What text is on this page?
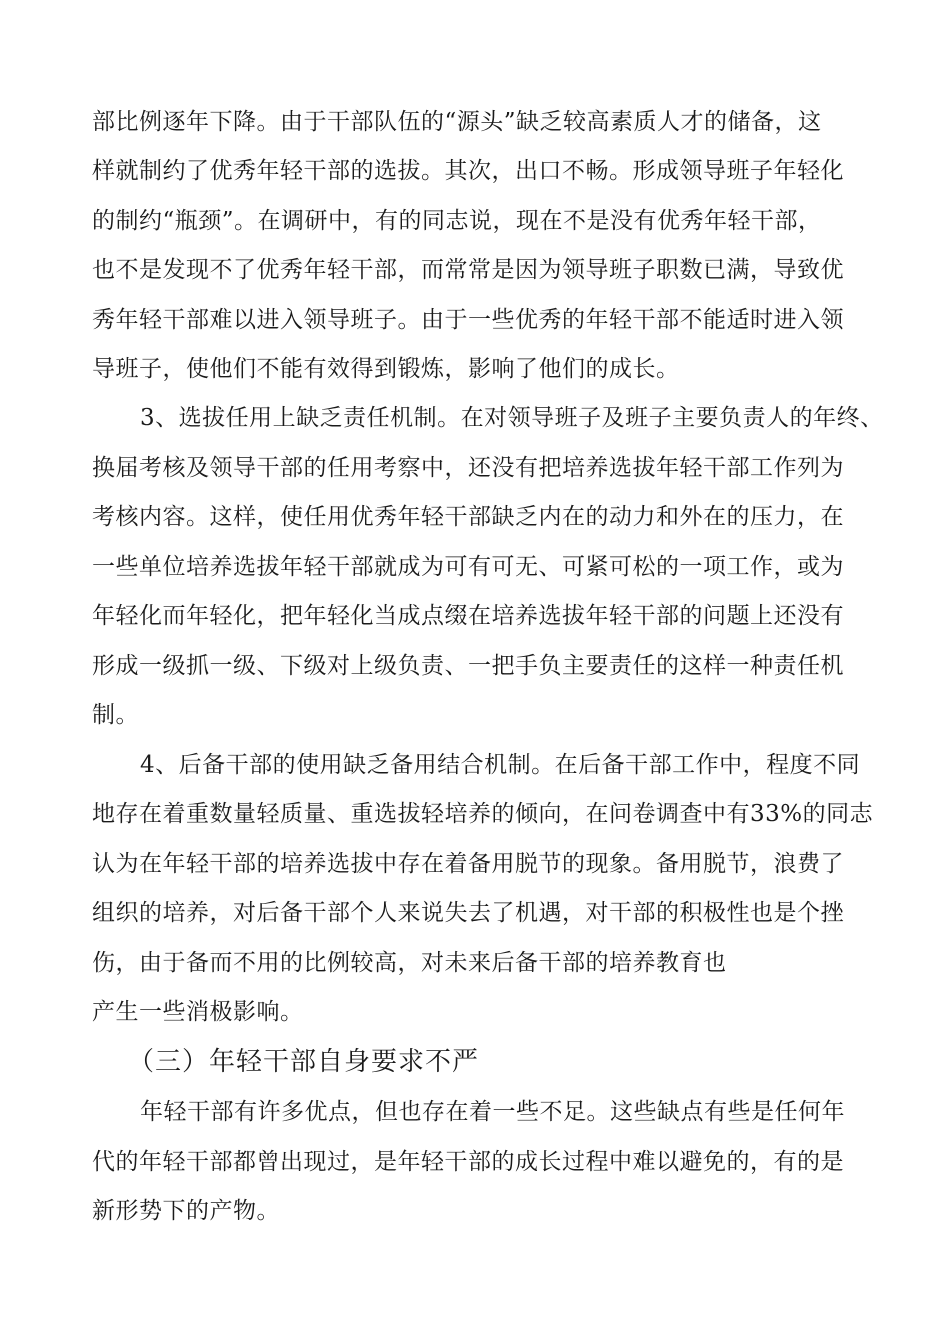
部比例逐年下降。由于干部队伍的“源头”缺乏较高素质人才的储备，这
样就制约了优秀年轻干部的选拔。其次，出口不畅。形成领导班子年轻化
的制约“瓶颈”。在调研中，有的同志说，现在不是没有优秀年轻干部，
也不是发现不了优秀年轻干部，而常常是因为领导班子职数已满，导致优
秀年轻干部难以进入领导班子。由于一些优秀的年轻干部不能适时进入领
导班子，使他们不能有效得到锻炼，影响了他们的成长。
3、选拔任用上缺乏责任机制。在对领导班子及班子主要负责人的年终、
换届考核及领导干部的任用考察中，还没有把培养选拔年轻干部工作列为
考核内容。这样，使任用优秀年轻干部缺乏内在的动力和外在的压力，在
一些单位培养选拔年轻干部就成为可有可无、可紧可松的一项工作，或为
年轻化而年轻化，把年轻化当成点缀在培养选拔年轻干部的问题上还没有
形成一级抓一级、下级对上级负责、一把手负主要责任的这样一种责任机
制。
4、后备干部的使用缺乏备用结合机制。在后备干部工作中，程度不同
地存在着重数量轻质量、重选拔轻培养的倾向，在问卷调查中有33%的同志
认为在年轻干部的培养选拔中存在着备用脱节的现象。备用脱节，浪费了
组织的培养，对后备干部个人来说失去了机遇，对干部的积极性也是个挫
伤，由于备而不用的比例较高，对未来后备干部的培养教育也
产生一些消极影响。
（三）年轻干部自身要求不严
年轻干部有许多优点，但也存在着一些不足。这些缺点有些是任何年
代的年轻干部都曾出现过，是年轻干部的成长过程中难以避免的，有的是
新形势下的产物。
